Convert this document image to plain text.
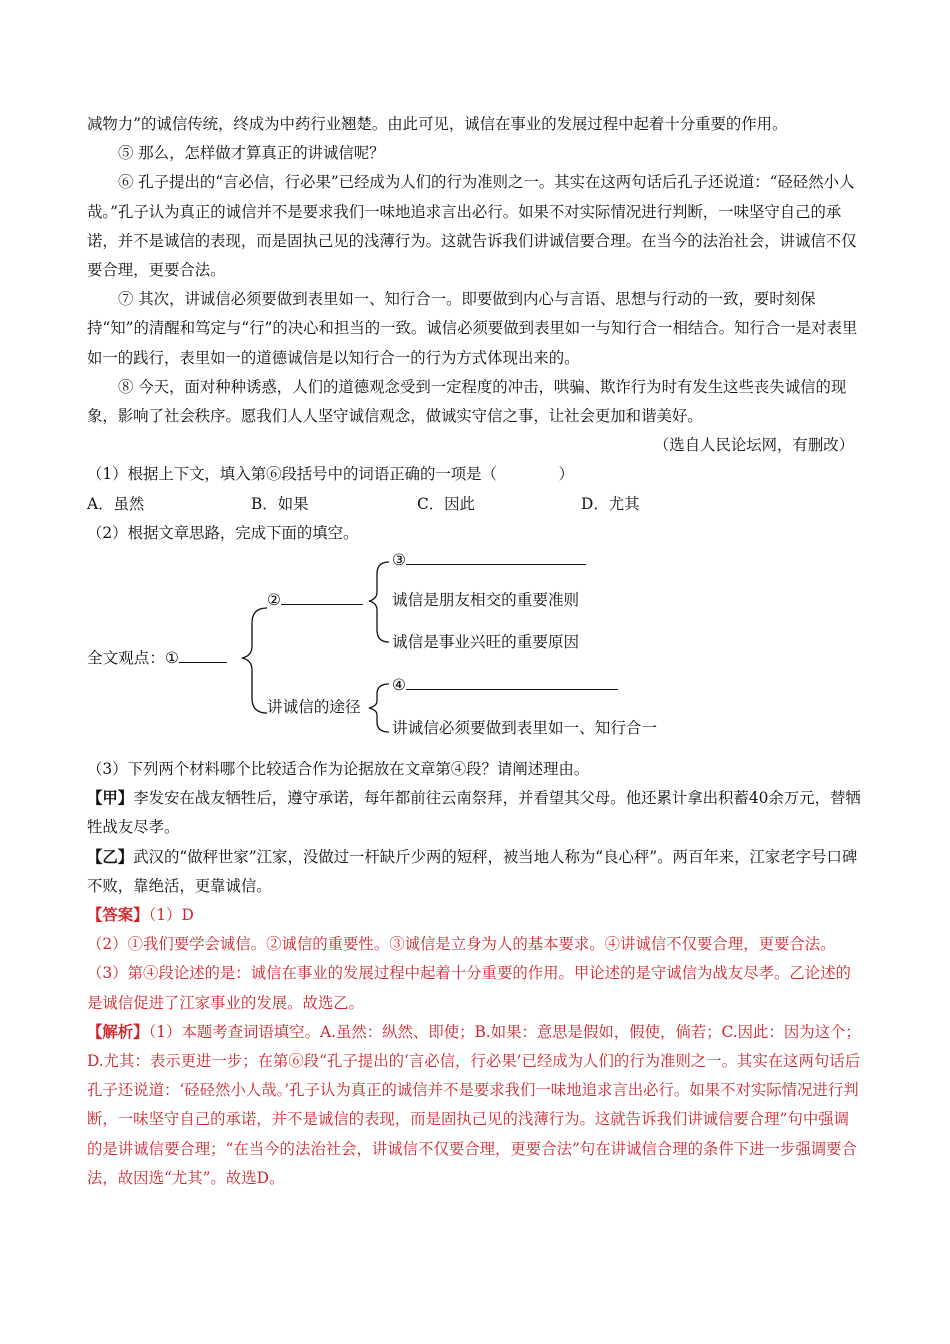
减物力”的诚信传统，终成为中药行业翘楚。由此可见，诚信在事业的发展过程中起着十分重要的作用。

⑤ 那么，怎样做才算真正的讲诚信呢？

⑥ 孔子提出的“言必信，行必果”已经成为人们的行为准则之一。其实在这两句话后孔子还说道：“硁硁然小人哉。”孔子认为真正的诚信并不是要求我们一味地追求言出必行。如果不对实际情况进行判断，一味坚守自己的承诺，并不是诚信的表现，而是固执己见的浅薄行为。这就告诉我们讲诚信要合理。在当今的法治社会，讲诚信不仅要合理，更要合法。

⑦ 其次，讲诚信必须要做到表里如一、知行合一。即要做到内心与言语、思想与行动的一致，要时刻保持“知”的清醒和笃定与“行”的决心和担当的一致。诚信必须要做到表里如一与知行合一相结合。知行合一是对表里如一的践行，表里如一的道德诚信是以知行合一的行为方式体现出来的。

⑧ 今天，面对种种诱惑，人们的道德观念受到一定程度的冲击，哄骗、欺诈行为时有发生这些丧失诚信的现象，影响了社会秩序。愿我们人人坚守诚信观念，做诚实守信之事，让社会更加和谐美好。

（选自人民论坛网，有删改）

（1）根据上下文，填入第⑥段括号中的词语正确的一项是（　　　　）

A．虽然	B．如果	C．因此	D．尤其

（2）根据文章思路，完成下面的填空。

全文观点：①
②
讲诚信的途径
③
诚信是朋友相交的重要准则
诚信是事业兴旺的重要原因
④
讲诚信必须要做到表里如一、知行合一

（3）下列两个材料哪个比较适合作为论据放在文章第④段？请阐述理由。

【甲】李发安在战友牺牲后，遵守承诺，每年都前往云南祭拜，并看望其父母。他还累计拿出积蓄40余万元，替牺牲战友尽孝。

【乙】武汉的“做秤世家”江家，没做过一杆缺斤少两的短秤，被当地人称为“良心秤”。两百年来，江家老字号口碑不败，靠绝活，更靠诚信。

【答案】（1）D

（2）①我们要学会诚信。②诚信的重要性。③诚信是立身为人的基本要求。④讲诚信不仅要合理，更要合法。

（3）第④段论述的是：诚信在事业的发展过程中起着十分重要的作用。甲论述的是守诚信为战友尽孝。乙论述的是诚信促进了江家事业的发展。故选乙。

【解析】（1）本题考查词语填空。A.虽然：纵然、即使；B.如果：意思是假如，假使，倘若；C.因此：因为这个；D.尤其：表示更进一步；在第⑥段“孔子提出的‘言必信，行必果’已经成为人们的行为准则之一。其实在这两句话后孔子还说道：‘硁硁然小人哉。’孔子认为真正的诚信并不是要求我们一味地追求言出必行。如果不对实际情况进行判断，一味坚守自己的承诺，并不是诚信的表现，而是固执己见的浅薄行为。这就告诉我们讲诚信要合理”句中强调的是讲诚信要合理；“在当今的法治社会，讲诚信不仅要合理，更要合法”句在讲诚信合理的条件下进一步强调要合法，故因选“尤其”。故选D。
